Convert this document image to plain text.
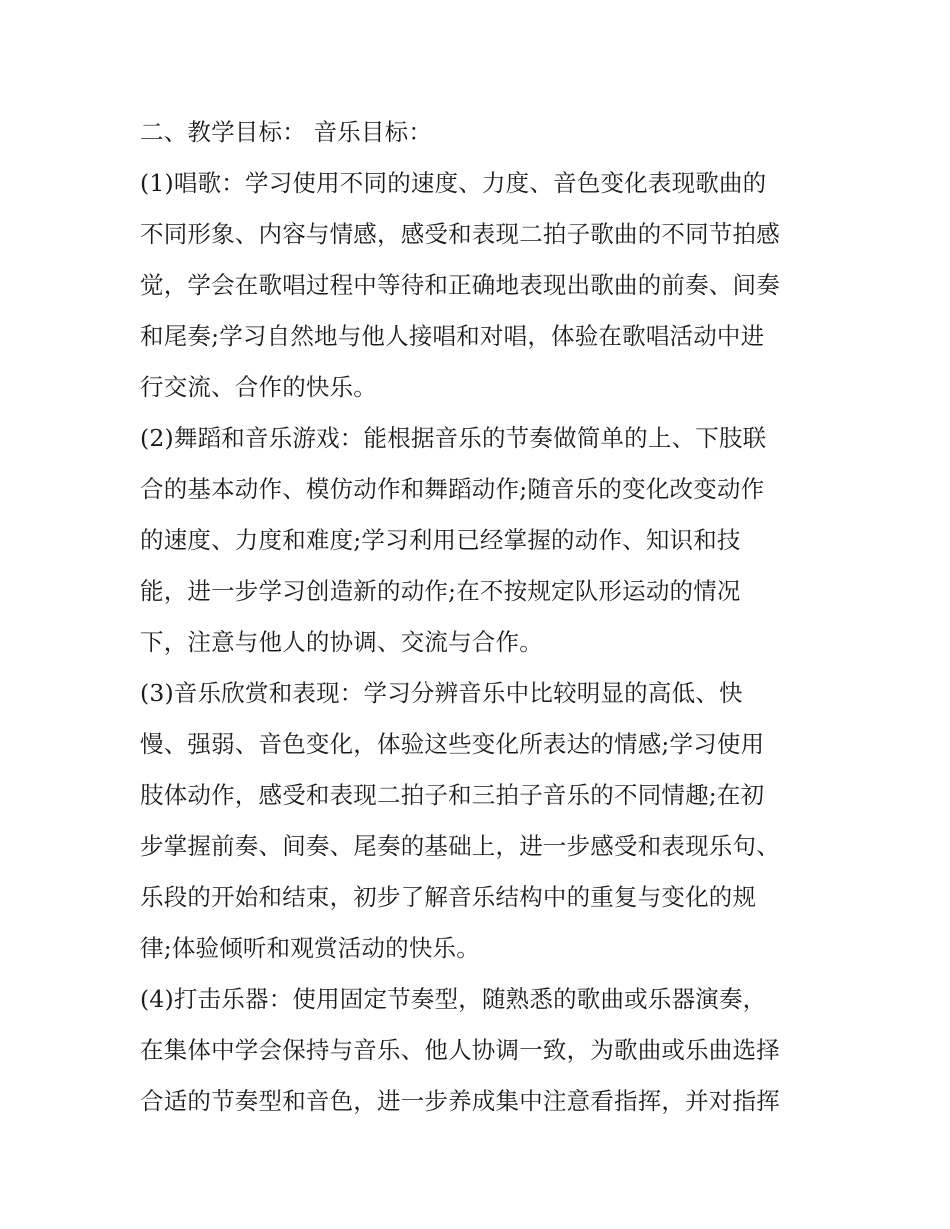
二、教学目标： 音乐目标：
(1)唱歌：学习使用不同的速度、力度、音色变化表现歌曲的
不同形象、内容与情感，感受和表现二拍子歌曲的不同节拍感
觉，学会在歌唱过程中等待和正确地表现出歌曲的前奏、间奏
和尾奏;学习自然地与他人接唱和对唱，体验在歌唱活动中进
行交流、合作的快乐。
(2)舞蹈和音乐游戏：能根据音乐的节奏做简单的上、下肢联
合的基本动作、模仿动作和舞蹈动作;随音乐的变化改变动作
的速度、力度和难度;学习利用已经掌握的动作、知识和技
能，进一步学习创造新的动作;在不按规定队形运动的情况
下，注意与他人的协调、交流与合作。
(3)音乐欣赏和表现：学习分辨音乐中比较明显的高低、快
慢、强弱、音色变化，体验这些变化所表达的情感;学习使用
肢体动作，感受和表现二拍子和三拍子音乐的不同情趣;在初
步掌握前奏、间奏、尾奏的基础上，进一步感受和表现乐句、
乐段的开始和结束，初步了解音乐结构中的重复与变化的规
律;体验倾听和观赏活动的快乐。
(4)打击乐器：使用固定节奏型，随熟悉的歌曲或乐器演奏，
在集体中学会保持与音乐、他人协调一致，为歌曲或乐曲选择
合适的节奏型和音色，进一步养成集中注意看指挥，并对指挥
